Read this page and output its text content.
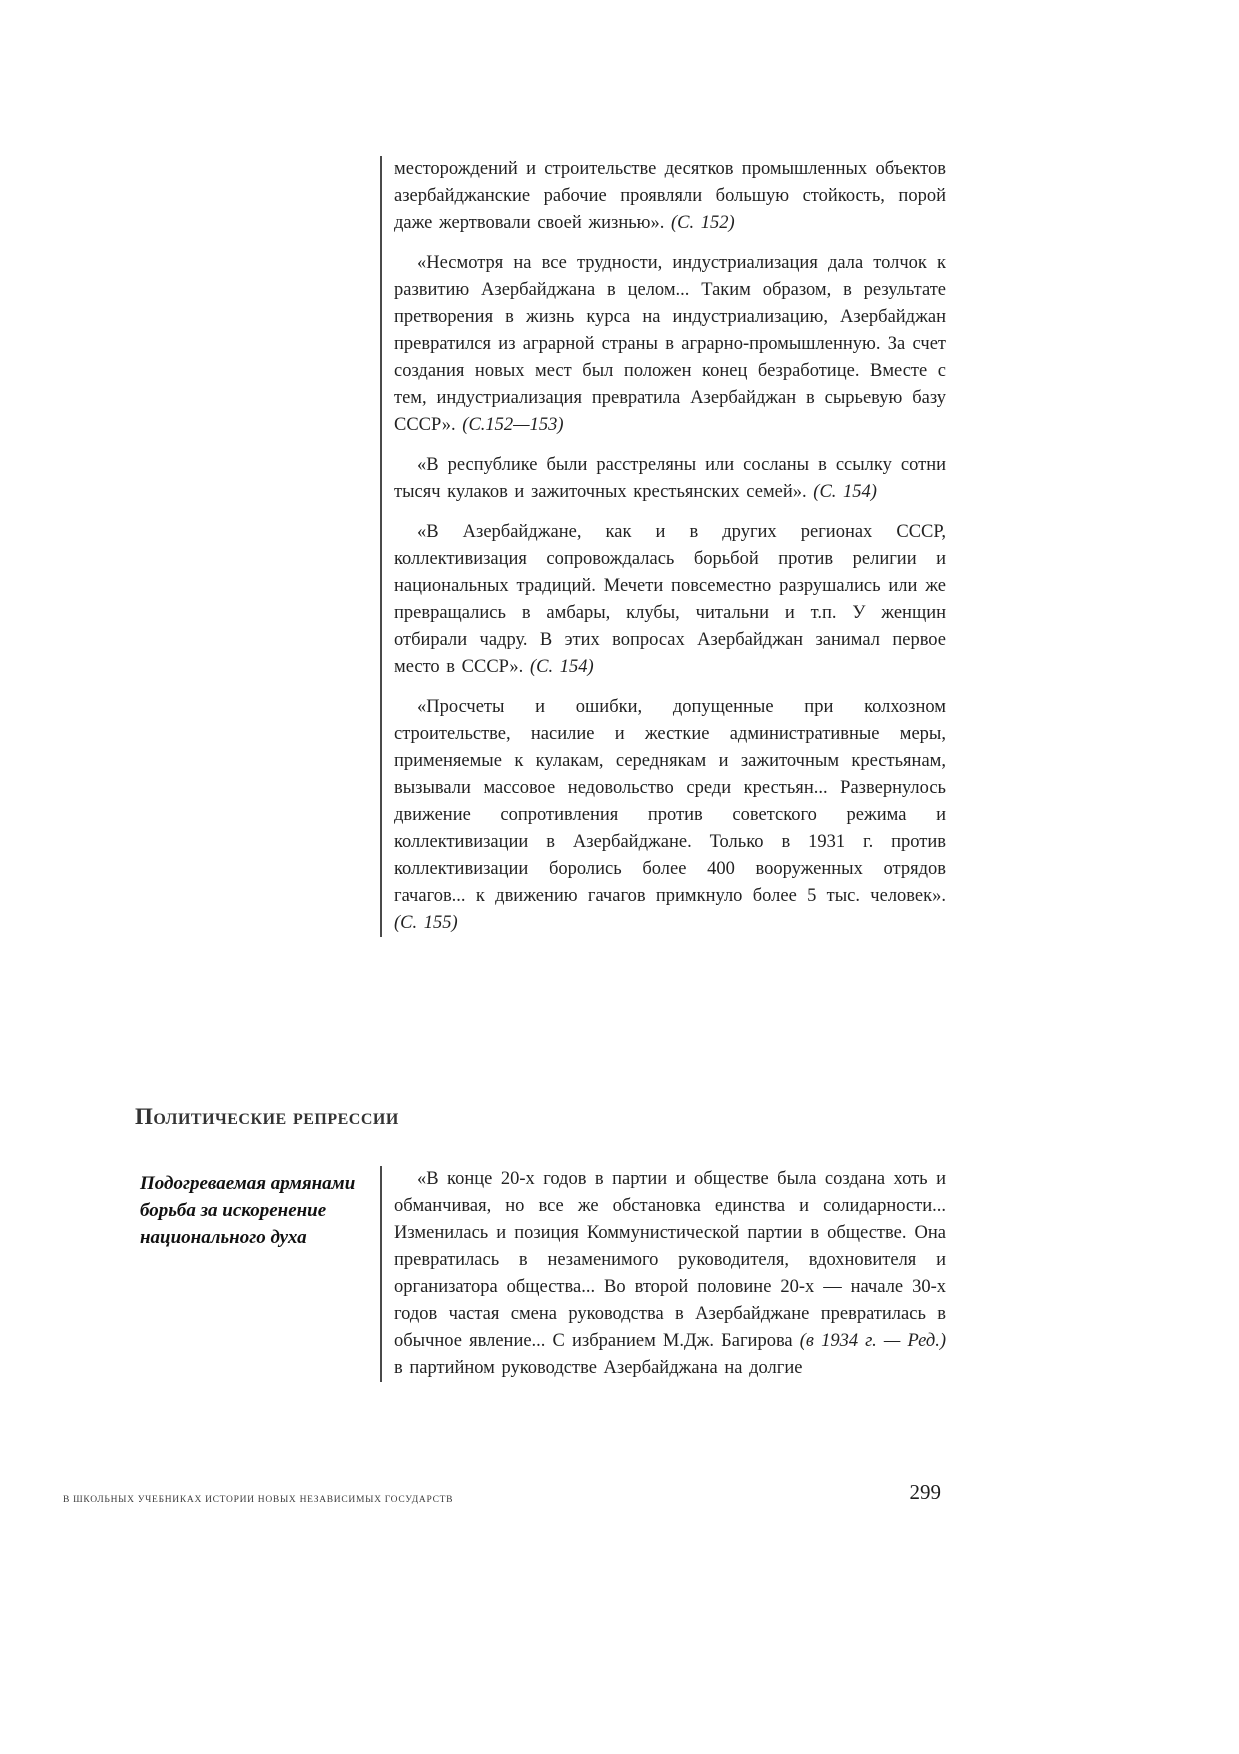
месторождений и строительстве десятков промышленных объектов азербайджанские рабочие проявляли большую стойкость, порой даже жертвовали своей жизнью». (С. 152)

«Несмотря на все трудности, индустриализация дала толчок к развитию Азербайджана в целом... Таким образом, в результате претворения в жизнь курса на индустриализацию, Азербайджан превратился из аграрной страны в аграрно-промышленную. За счет создания новых мест был положен конец безработице. Вместе с тем, индустриализация превратила Азербайджан в сырьевую базу СССР». (С.152—153)

«В республике были расстреляны или сосланы в ссылку сотни тысяч кулаков и зажиточных крестьянских семей». (С. 154)

«В Азербайджане, как и в других регионах СССР, коллективизация сопровождалась борьбой против религии и национальных традиций. Мечети повсеместно разрушались или же превращались в амбары, клубы, читальни и т.п. У женщин отбирали чадру. В этих вопросах Азербайджан занимал первое место в СССР». (С. 154)

«Просчеты и ошибки, допущенные при колхозном строительстве, насилие и жесткие административные меры, применяемые к кулакам, середнякам и зажиточным крестьянам, вызывали массовое недовольство среди крестьян... Развернулось движение сопротивления против советского режима и коллективизации в Азербайджане. Только в 1931 г. против коллективизации боролись более 400 вооруженных отрядов гачагов... к движению гачагов примкнуло более 5 тыс. человек». (С. 155)

Политические репрессии
Подогреваемая армянами борьба за искоренение национального духа

«В конце 20-х годов в партии и обществе была создана хоть и обманчивая, но все же обстановка единства и солидарности... Изменилась и позиция Коммунистической партии в обществе. Она превратилась в незаменимого руководителя, вдохновителя и организатора общества... Во второй половине 20-х — начале 30-х годов частая смена руководства в Азербайджане превратилась в обычное явление... С избранием М.Дж. Багирова (в 1934 г. — Ред.) в партийном руководстве Азербайджана на долгие

В ШКОЛЬНЫХ УЧЕБНИКАХ ИСТОРИИ НОВЫХ НЕЗАВИСИМЫХ ГОСУДАРСТВ	299
